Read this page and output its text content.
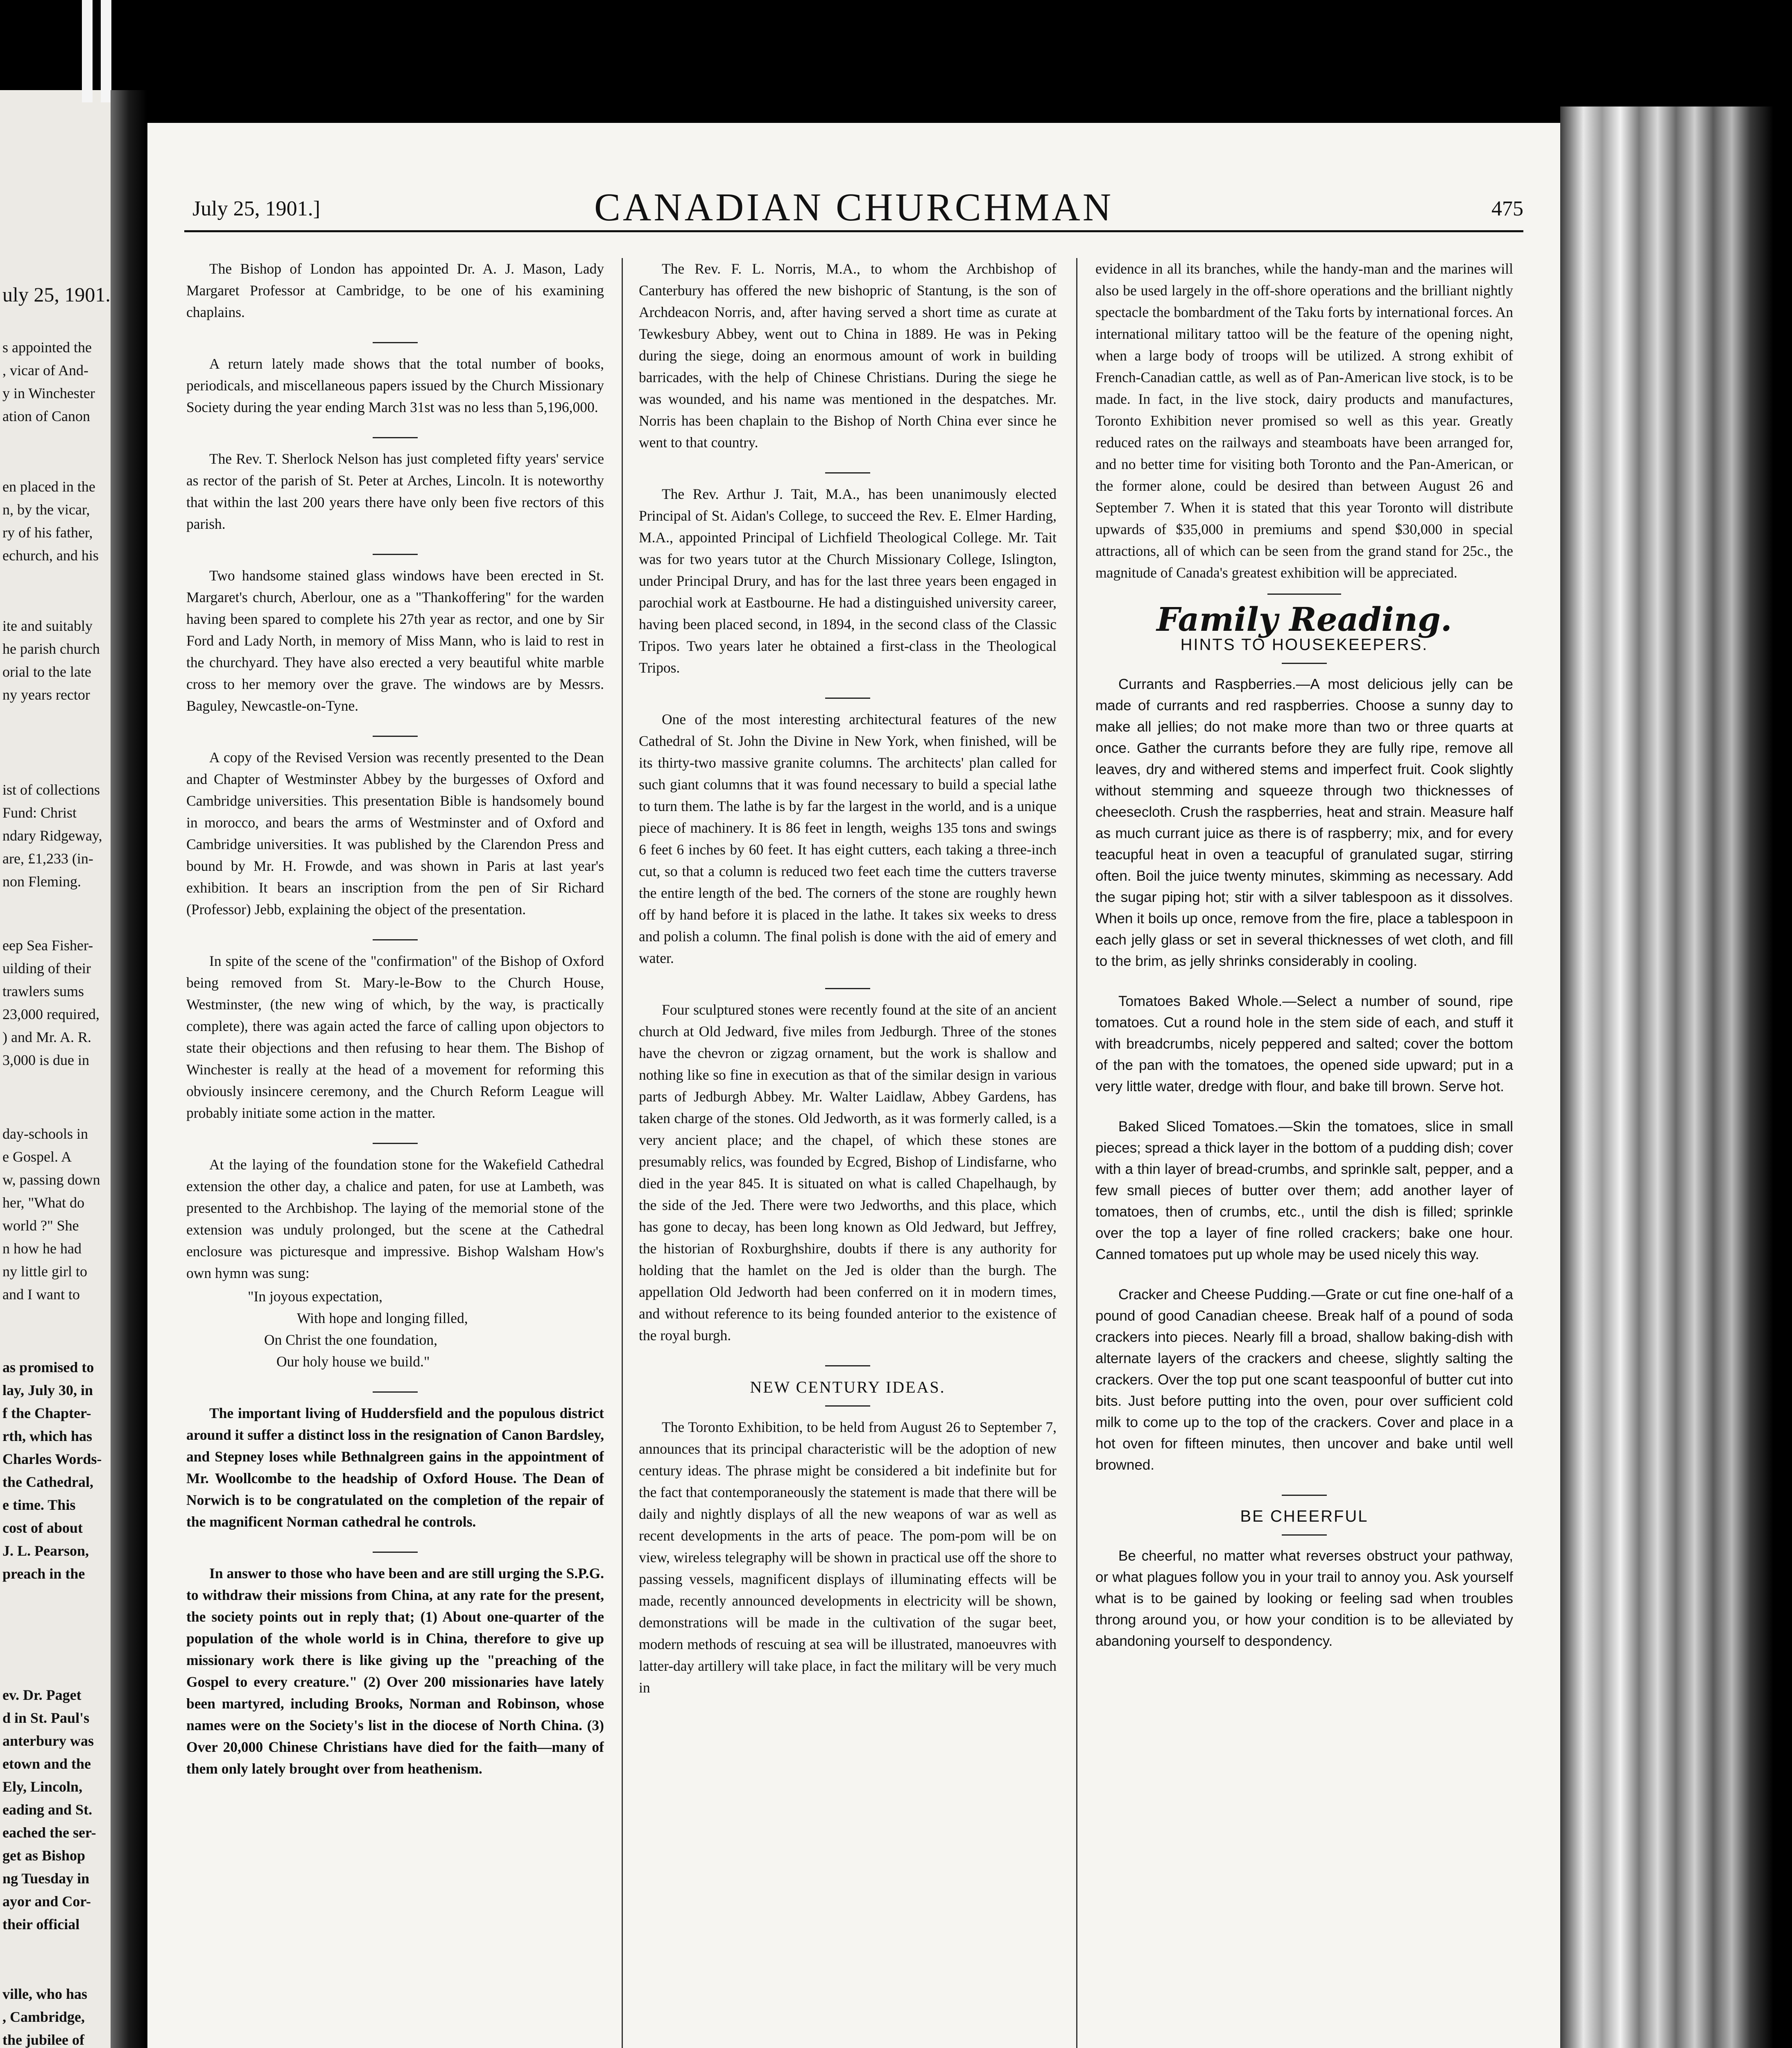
uly 25, 1901.
s appointed the
, vicar of And-
y in Winchester
ation of Canon
en placed in the
n, by the vicar,
ry of his father,
echurch, and his
ite and suitably
he parish church
orial to the late
ny years rector
ist of collections
Fund: Christ
ndary Ridgeway,
are, £1,233 (in-
non Fleming.
eep Sea Fisher-
uilding of their
trawlers sums
23,000 required,
) and Mr. A. R.
3,000 is due in
day-schools in
e Gospel. A
w, passing down
her, "What do
world ?" She
n how he had
ny little girl to
and I want to
as promised to
lay, July 30, in
f the Chapter-
rth, which has
Charles Words-
the Cathedral,
e time. This
cost of about
J. L. Pearson,
preach in the
ev. Dr. Paget
d in St. Paul's
anterbury was
etown and the
Ely, Lincoln,
eading and St.
eached the ser-
get as Bishop
ng Tuesday in
ayor and Cor-
their official
ville, who has
, Cambridge,
the jubilee of
July 25, 1901.]	CANADIAN CHURCHMAN	475

The Bishop of London has appointed Dr. A. J. Mason, Lady Margaret Professor at Cambridge, to be one of his examining chaplains.

A return lately made shows that the total number of books, periodicals, and miscellaneous papers issued by the Church Missionary Society during the year ending March 31st was no less than 5,196,000.

The Rev. T. Sherlock Nelson has just completed fifty years' service as rector of the parish of St. Peter at Arches, Lincoln. It is noteworthy that within the last 200 years there have only been five rectors of this parish.

Two handsome stained glass windows have been erected in St. Margaret's church, Aberlour, one as a "Thankoffering" for the warden having been spared to complete his 27th year as rector, and one by Sir Ford and Lady North, in memory of Miss Mann, who is laid to rest in the churchyard. They have also erected a very beautiful white marble cross to her memory over the grave. The windows are by Messrs. Baguley, Newcastle-on-Tyne.

A copy of the Revised Version was recently presented to the Dean and Chapter of Westminster Abbey by the burgesses of Oxford and Cambridge universities. This presentation Bible is handsomely bound in morocco, and bears the arms of Westminster and of Oxford and Cambridge universities. It was published by the Clarendon Press and bound by Mr. H. Frowde, and was shown in Paris at last year's exhibition. It bears an inscription from the pen of Sir Richard (Professor) Jebb, explaining the object of the presentation.

In spite of the scene of the "confirmation" of the Bishop of Oxford being removed from St. Mary-le-Bow to the Church House, Westminster, (the new wing of which, by the way, is practically complete), there was again acted the farce of calling upon objectors to state their objections and then refusing to hear them. The Bishop of Winchester is really at the head of a movement for reforming this obviously insincere ceremony, and the Church Reform League will probably initiate some action in the matter.

At the laying of the foundation stone for the Wakefield Cathedral extension the other day, a chalice and paten, for use at Lambeth, was presented to the Archbishop. The laying of the memorial stone of the extension was unduly prolonged, but the scene at the Cathedral enclosure was picturesque and impressive. Bishop Walsham How's own hymn was sung:

"In joyous expectation,
With hope and longing filled,
On Christ the one foundation,
Our holy house we build."

The important living of Huddersfield and the populous district around it suffer a distinct loss in the resignation of Canon Bardsley, and Stepney loses while Bethnalgreen gains in the appointment of Mr. Woollcombe to the headship of Oxford House. The Dean of Norwich is to be congratulated on the completion of the repair of the magnificent Norman cathedral he controls.

In answer to those who have been and are still urging the S.P.G. to withdraw their missions from China, at any rate for the present, the society points out in reply that; (1) About one-quarter of the population of the whole world is in China, therefore to give up missionary work there is like giving up the "preaching of the Gospel to every creature." (2) Over 200 missionaries have lately been martyred, including Brooks, Norman and Robinson, whose names were on the Society's list in the diocese of North China. (3) Over 20,000 Chinese Christians have died for the faith—many of them only lately brought over from heathenism.

The Rev. F. L. Norris, M.A., to whom the Archbishop of Canterbury has offered the new bishopric of Stantung, is the son of Archdeacon Norris, and, after having served a short time as curate at Tewkesbury Abbey, went out to China in 1889. He was in Peking during the siege, doing an enormous amount of work in building barricades, with the help of Chinese Christians. During the siege he was wounded, and his name was mentioned in the despatches. Mr. Norris has been chaplain to the Bishop of North China ever since he went to that country.

The Rev. Arthur J. Tait, M.A., has been unanimously elected Principal of St. Aidan's College, to succeed the Rev. E. Elmer Harding, M.A., appointed Principal of Lichfield Theological College. Mr. Tait was for two years tutor at the Church Missionary College, Islington, under Principal Drury, and has for the last three years been engaged in parochial work at Eastbourne. He had a distinguished university career, having been placed second, in 1894, in the second class of the Classic Tripos. Two years later he obtained a first-class in the Theological Tripos.

One of the most interesting architectural features of the new Cathedral of St. John the Divine in New York, when finished, will be its thirty-two massive granite columns. The architects' plan called for such giant columns that it was found necessary to build a special lathe to turn them. The lathe is by far the largest in the world, and is a unique piece of machinery. It is 86 feet in length, weighs 135 tons and swings 6 feet 6 inches by 60 feet. It has eight cutters, each taking a three-inch cut, so that a column is reduced two feet each time the cutters traverse the entire length of the bed. The corners of the stone are roughly hewn off by hand before it is placed in the lathe. It takes six weeks to dress and polish a column. The final polish is done with the aid of emery and water.

Four sculptured stones were recently found at the site of an ancient church at Old Jedward, five miles from Jedburgh. Three of the stones have the chevron or zigzag ornament, but the work is shallow and nothing like so fine in execution as that of the similar design in various parts of Jedburgh Abbey. Mr. Walter Laidlaw, Abbey Gardens, has taken charge of the stones. Old Jedworth, as it was formerly called, is a very ancient place; and the chapel, of which these stones are presumably relics, was founded by Ecgred, Bishop of Lindisfarne, who died in the year 845. It is situated on what is called Chapelhaugh, by the side of the Jed. There were two Jedworths, and this place, which has gone to decay, has been long known as Old Jedward, but Jeffrey, the historian of Roxburghshire, doubts if there is any authority for holding that the hamlet on the Jed is older than the burgh. The appellation Old Jedworth had been conferred on it in modern times, and without reference to its being founded anterior to the existence of the royal burgh.

NEW CENTURY IDEAS.

The Toronto Exhibition, to be held from August 26 to September 7, announces that its principal characteristic will be the adoption of new century ideas. The phrase might be considered a bit indefinite but for the fact that contemporaneously the statement is made that there will be daily and nightly displays of all the new weapons of war as well as recent developments in the arts of peace. The pom-pom will be on view, wireless telegraphy will be shown in practical use off the shore to passing vessels, magnificent displays of illuminating effects will be made, recently announced developments in electricity will be shown, demonstrations will be made in the cultivation of the sugar beet, modern methods of rescuing at sea will be illustrated, manoeuvres with latter-day artillery will take place, in fact the military will be very much in

evidence in all its branches, while the handy-man and the marines will also be used largely in the off-shore operations and the brilliant nightly spectacle the bombardment of the Taku forts by international forces. An international military tattoo will be the feature of the opening night, when a large body of troops will be utilized. A strong exhibit of French-Canadian cattle, as well as of Pan-American live stock, is to be made. In fact, in the live stock, dairy products and manufactures, Toronto Exhibition never promised so well as this year. Greatly reduced rates on the railways and steamboats have been arranged for, and no better time for visiting both Toronto and the Pan-American, or the former alone, could be desired than between August 26 and September 7. When it is stated that this year Toronto will distribute upwards of $35,000 in premiums and spend $30,000 in special attractions, all of which can be seen from the grand stand for 25c., the magnitude of Canada's greatest exhibition will be appreciated.

Family Reading.
HINTS TO HOUSEKEEPERS.

Currants and Raspberries.—A most delicious jelly can be made of currants and red raspberries. Choose a sunny day to make all jellies; do not make more than two or three quarts at once. Gather the currants before they are fully ripe, remove all leaves, dry and withered stems and imperfect fruit. Cook slightly without stemming and squeeze through two thicknesses of cheesecloth. Crush the raspberries, heat and strain. Measure half as much currant juice as there is of raspberry; mix, and for every teacupful heat in oven a teacupful of granulated sugar, stirring often. Boil the juice twenty minutes, skimming as necessary. Add the sugar piping hot; stir with a silver tablespoon as it dissolves. When it boils up once, remove from the fire, place a tablespoon in each jelly glass or set in several thicknesses of wet cloth, and fill to the brim, as jelly shrinks considerably in cooling.

Tomatoes Baked Whole.—Select a number of sound, ripe tomatoes. Cut a round hole in the stem side of each, and stuff it with breadcrumbs, nicely peppered and salted; cover the bottom of the pan with the tomatoes, the opened side upward; put in a very little water, dredge with flour, and bake till brown. Serve hot.

Baked Sliced Tomatoes.—Skin the tomatoes, slice in small pieces; spread a thick layer in the bottom of a pudding dish; cover with a thin layer of bread-crumbs, and sprinkle salt, pepper, and a few small pieces of butter over them; add another layer of tomatoes, then of crumbs, etc., until the dish is filled; sprinkle over the top a layer of fine rolled crackers; bake one hour. Canned tomatoes put up whole may be used nicely this way.

Cracker and Cheese Pudding.—Grate or cut fine one-half of a pound of good Canadian cheese. Break half of a pound of soda crackers into pieces. Nearly fill a broad, shallow baking-dish with alternate layers of the crackers and cheese, slightly salting the crackers. Over the top put one scant teaspoonful of butter cut into bits. Just before putting into the oven, pour over sufficient cold milk to come up to the top of the crackers. Cover and place in a hot oven for fifteen minutes, then uncover and bake until well browned.

BE CHEERFUL

Be cheerful, no matter what reverses obstruct your pathway, or what plagues follow you in your trail to annoy you. Ask yourself what is to be gained by looking or feeling sad when troubles throng around you, or how your condition is to be alleviated by abandoning yourself to despondency.
